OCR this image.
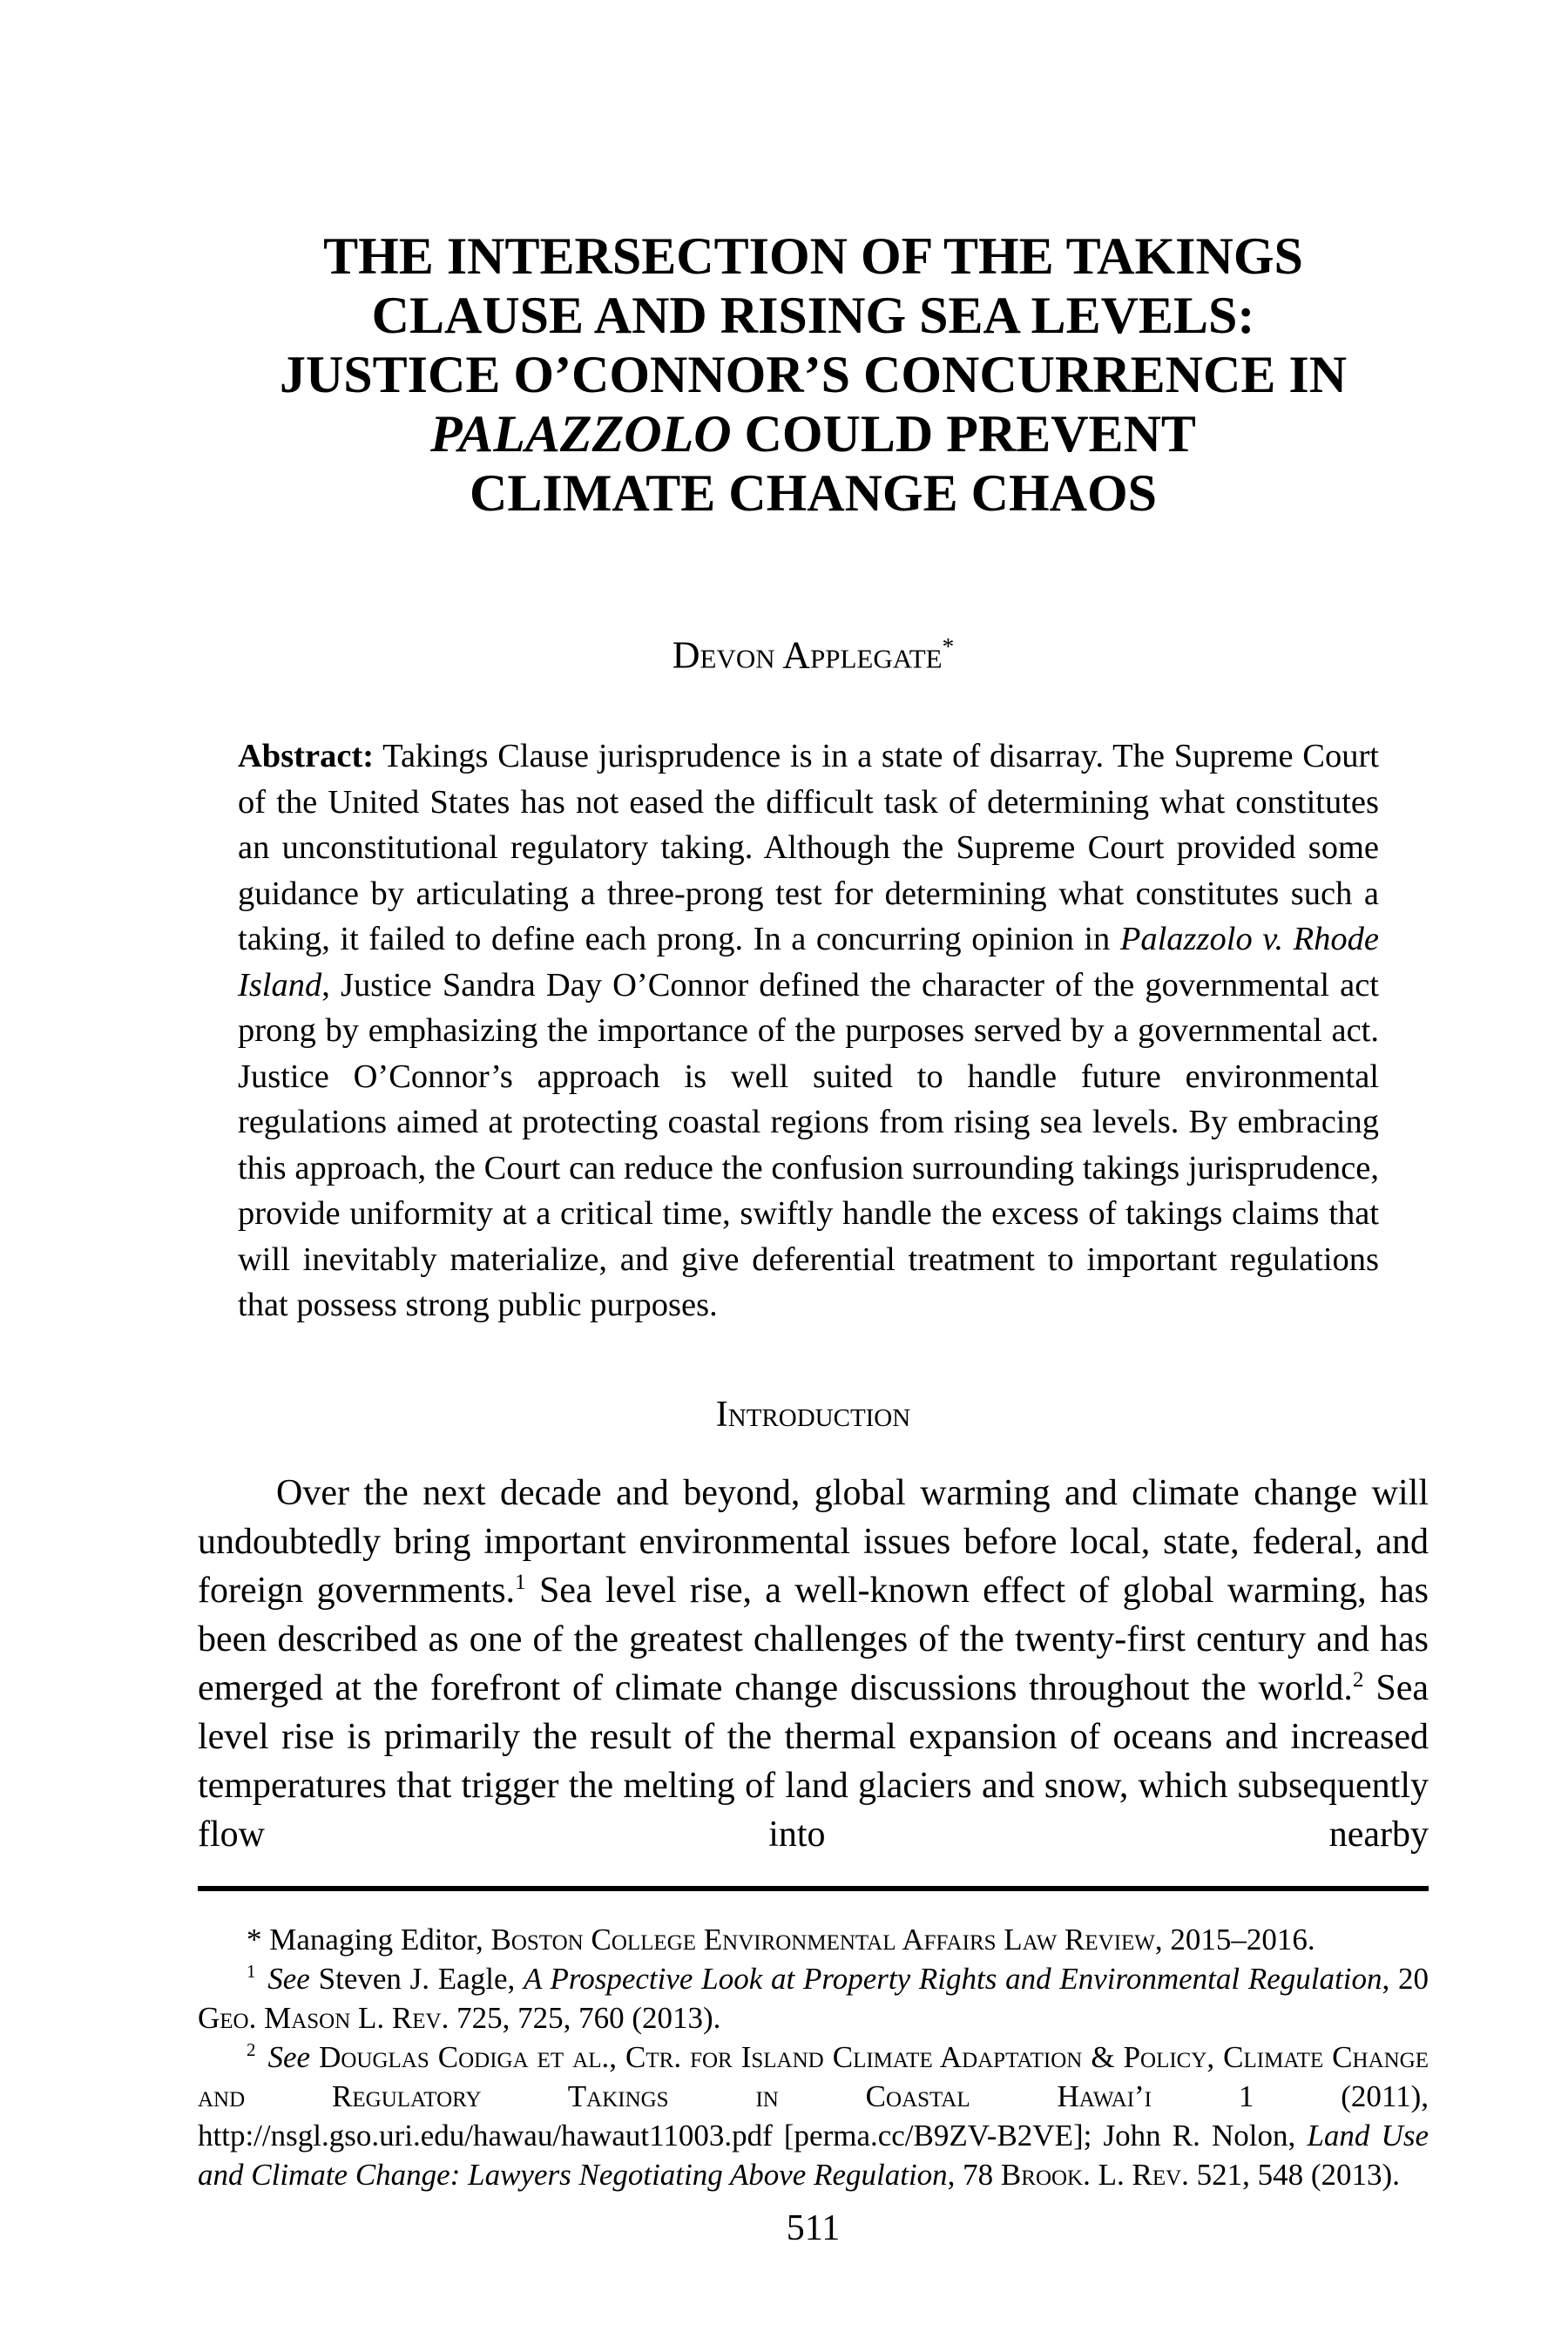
THE INTERSECTION OF THE TAKINGS
CLAUSE AND RISING SEA LEVELS:
JUSTICE O’CONNOR’S CONCURRENCE IN
PALAZZOLO COULD PREVENT
CLIMATE CHANGE CHAOS
Devon Applegate*

Abstract: Takings Clause jurisprudence is in a state of disarray. The Supreme Court of the United States has not eased the difficult task of determining what constitutes an unconstitutional regulatory taking. Although the Supreme Court provided some guidance by articulating a three-prong test for determining what constitutes such a taking, it failed to define each prong. In a concurring opinion in Palazzolo v. Rhode Island, Justice Sandra Day O’Connor defined the character of the governmental act prong by emphasizing the importance of the purposes served by a governmental act. Justice O’Connor’s approach is well suited to handle future environmental regulations aimed at protecting coastal regions from rising sea levels. By embracing this approach, the Court can reduce the confusion surrounding takings jurisprudence, provide uniformity at a critical time, swiftly handle the excess of takings claims that will inevitably materialize, and give deferential treatment to important regulations that possess strong public purposes.

Introduction

Over the next decade and beyond, global warming and climate change will undoubtedly bring important environmental issues before local, state, federal, and foreign governments.$^1$ Sea level rise, a well-known effect of global warming, has been described as one of the greatest challenges of the twenty-first century and has emerged at the forefront of climate change discussions throughout the world.$^2$ Sea level rise is primarily the result of the thermal expansion of oceans and increased temperatures that trigger the melting of land glaciers and snow, which subsequently flow into nearby

* Managing Editor, Boston College Environmental Affairs Law Review, 2015–2016.

$^1$ See Steven J. Eagle, A Prospective Look at Property Rights and Environmental Regulation, 20 Geo. Mason L. Rev. 725, 725, 760 (2013).

$^2$ See Douglas Codiga et al., Ctr. for Island Climate Adaptation & Policy, Climate Change and Regulatory Takings in Coastal Hawai’i 1 (2011), http://nsgl.gso.uri.edu/hawau/hawaut11003.pdf [perma.cc/B9ZV-B2VE]; John R. Nolon, Land Use and Climate Change: Lawyers Negotiating Above Regulation, 78 Brook. L. Rev. 521, 548 (2013).

511
